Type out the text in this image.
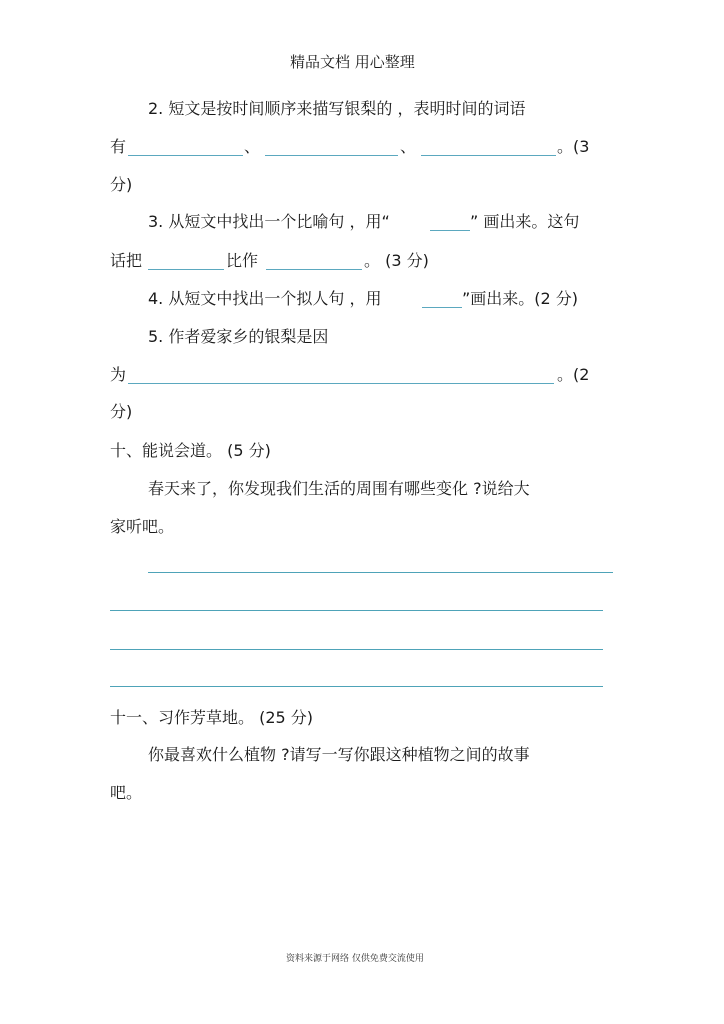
精品文档 用心整理
2. 短文是按时间顺序来描写银梨的 ，表明时间的词语
有	、	、	。(3
分)
3. 从短文中找出一个比喻句 ，用“	” 画出来。这句
话把	比作	。 (3 分)
4. 从短文中找出一个拟人句 ，用	”画出来。(2 分)
5. 作者爱家乡的银梨是因
为	。(2
分)
十、能说会道。 (5 分)
春天来了，你发现我们生活的周围有哪些变化 ?说给大
家听吧。
十一、习作芳草地。 (25 分)
你最喜欢什么植物 ?请写一写你跟这种植物之间的故事
吧。
资料来源于网络 仅供免费交流使用
